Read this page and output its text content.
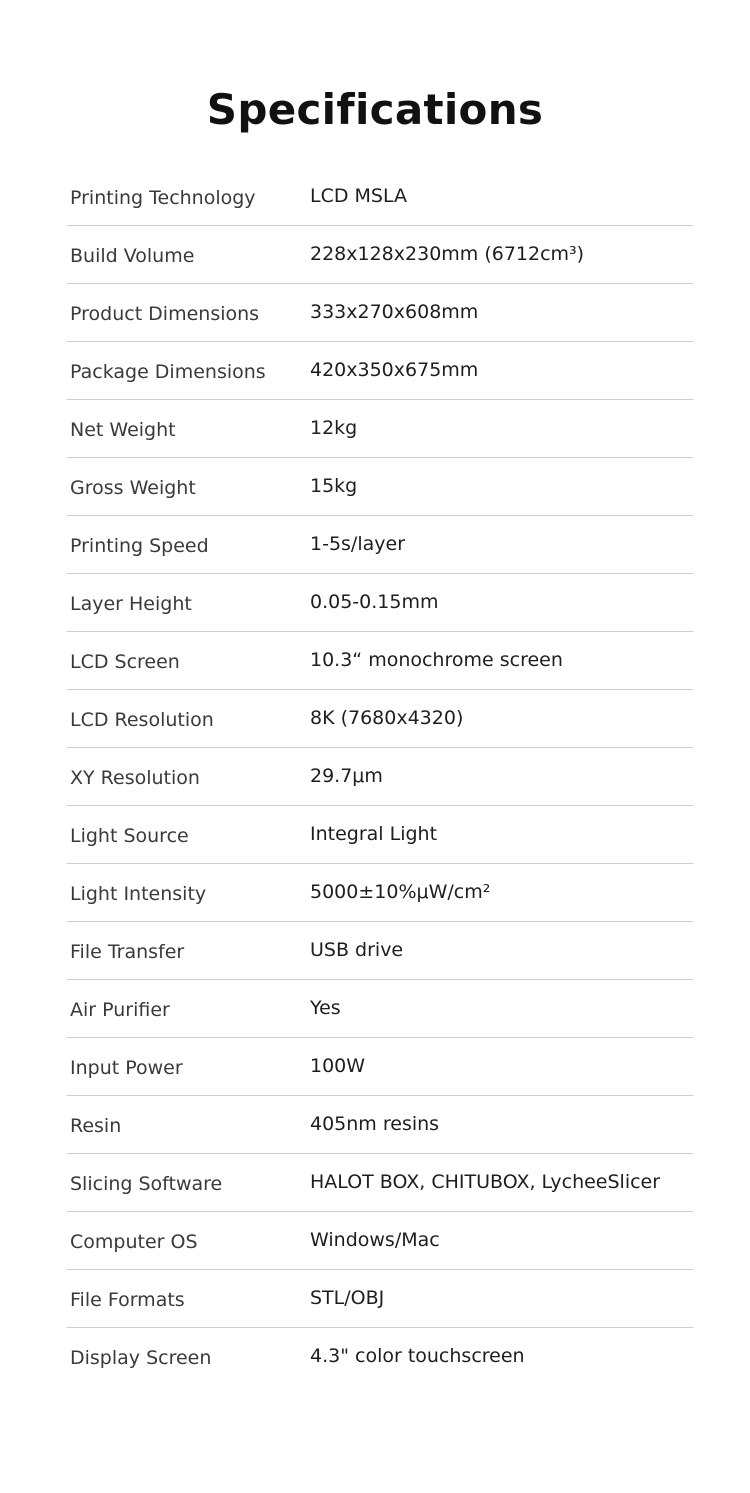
Specifications
Printing Technology	LCD MSLA
Build Volume	228x128x230mm (6712cm³)
Product Dimensions	333x270x608mm
Package Dimensions	420x350x675mm
Net Weight	12kg
Gross Weight	15kg
Printing Speed	1-5s/layer
Layer Height	0.05-0.15mm
LCD Screen	10.3“ monochrome screen
LCD Resolution	8K (7680x4320)
XY Resolution	29.7μm
Light Source	Integral Light
Light Intensity	5000±10%μW/cm²
File Transfer	USB drive
Air Purifier	Yes
Input Power	100W
Resin	405nm resins
Slicing Software	HALOT BOX, CHITUBOX, LycheeSlicer
Computer OS	Windows/Mac
File Formats	STL/OBJ
Display Screen	4.3" color touchscreen
